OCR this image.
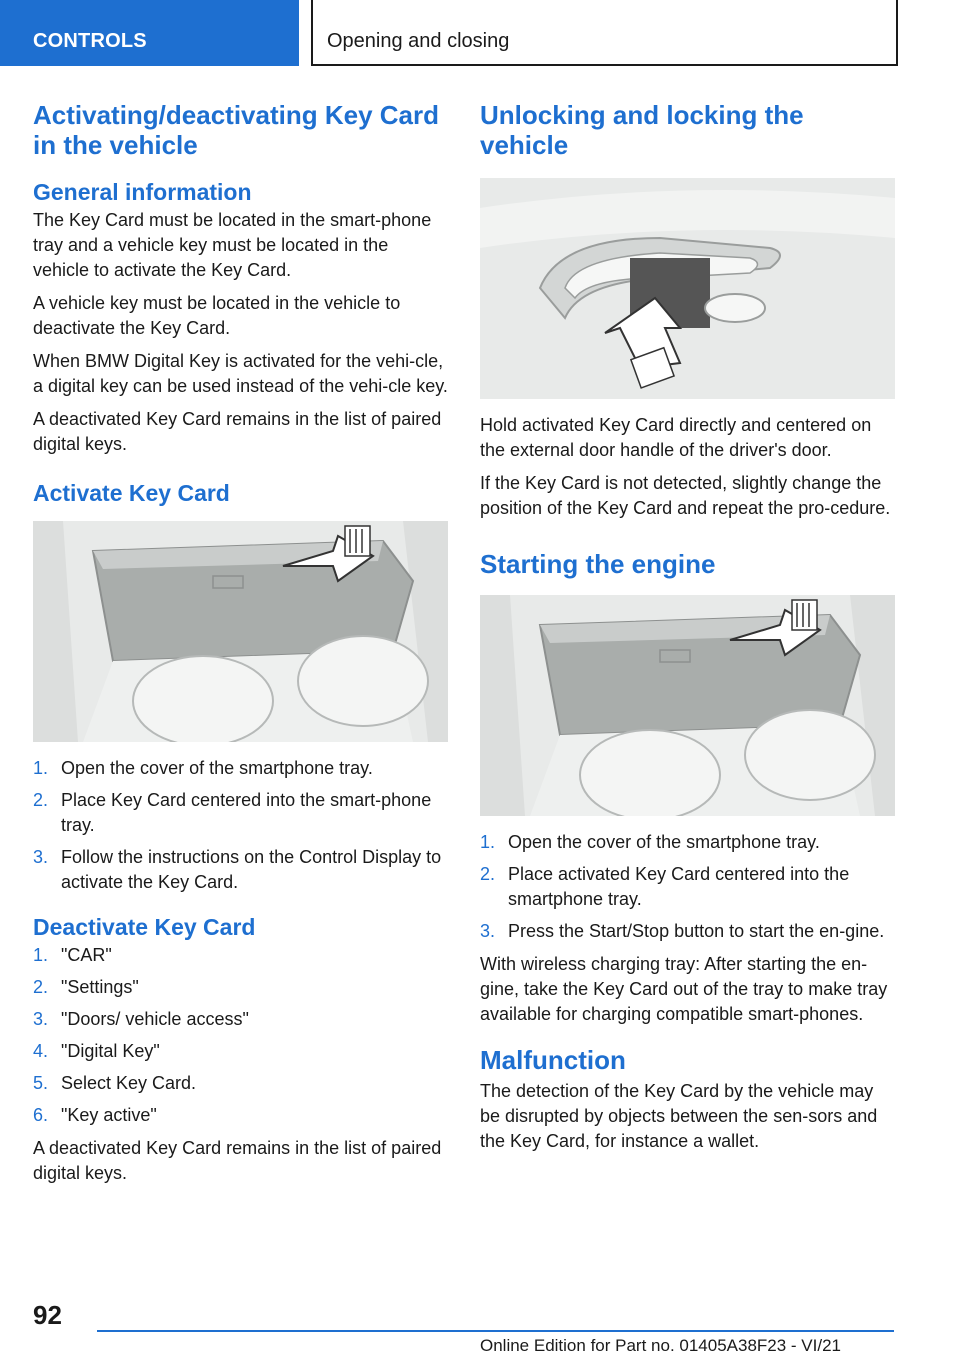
CONTROLS	Opening and closing
Activating/deactivating Key Card in the vehicle
General information

The Key Card must be located in the smart-phone tray and a vehicle key must be located in the vehicle to activate the Key Card.

A vehicle key must be located in the vehicle to deactivate the Key Card.

When BMW Digital Key is activated for the vehi-cle, a digital key can be used instead of the vehi-cle key.

A deactivated Key Card remains in the list of paired digital keys.

Activate Key Card
1. Open the cover of the smartphone tray.
2. Place Key Card centered into the smart-phone tray.
3. Follow the instructions on the Control Display to activate the Key Card.
Deactivate Key Card
1. "CAR"
2. "Settings"
3. "Doors/ vehicle access"
4. "Digital Key"
5. Select Key Card.
6. "Key active"

A deactivated Key Card remains in the list of paired digital keys.

Unlocking and locking the vehicle

Hold activated Key Card directly and centered on the external door handle of the driver's door.

If the Key Card is not detected, slightly change the position of the Key Card and repeat the pro-cedure.

Starting the engine
1. Open the cover of the smartphone tray.
2. Place activated Key Card centered into the smartphone tray.
3. Press the Start/Stop button to start the en-gine.

With wireless charging tray: After starting the en-gine, take the Key Card out of the tray to make tray available for charging compatible smart-phones.

Malfunction

The detection of the Key Card by the vehicle may be disrupted by objects between the sen-sors and the Key Card, for instance a wallet.

92
Online Edition for Part no. 01405A38F23 - VI/21
